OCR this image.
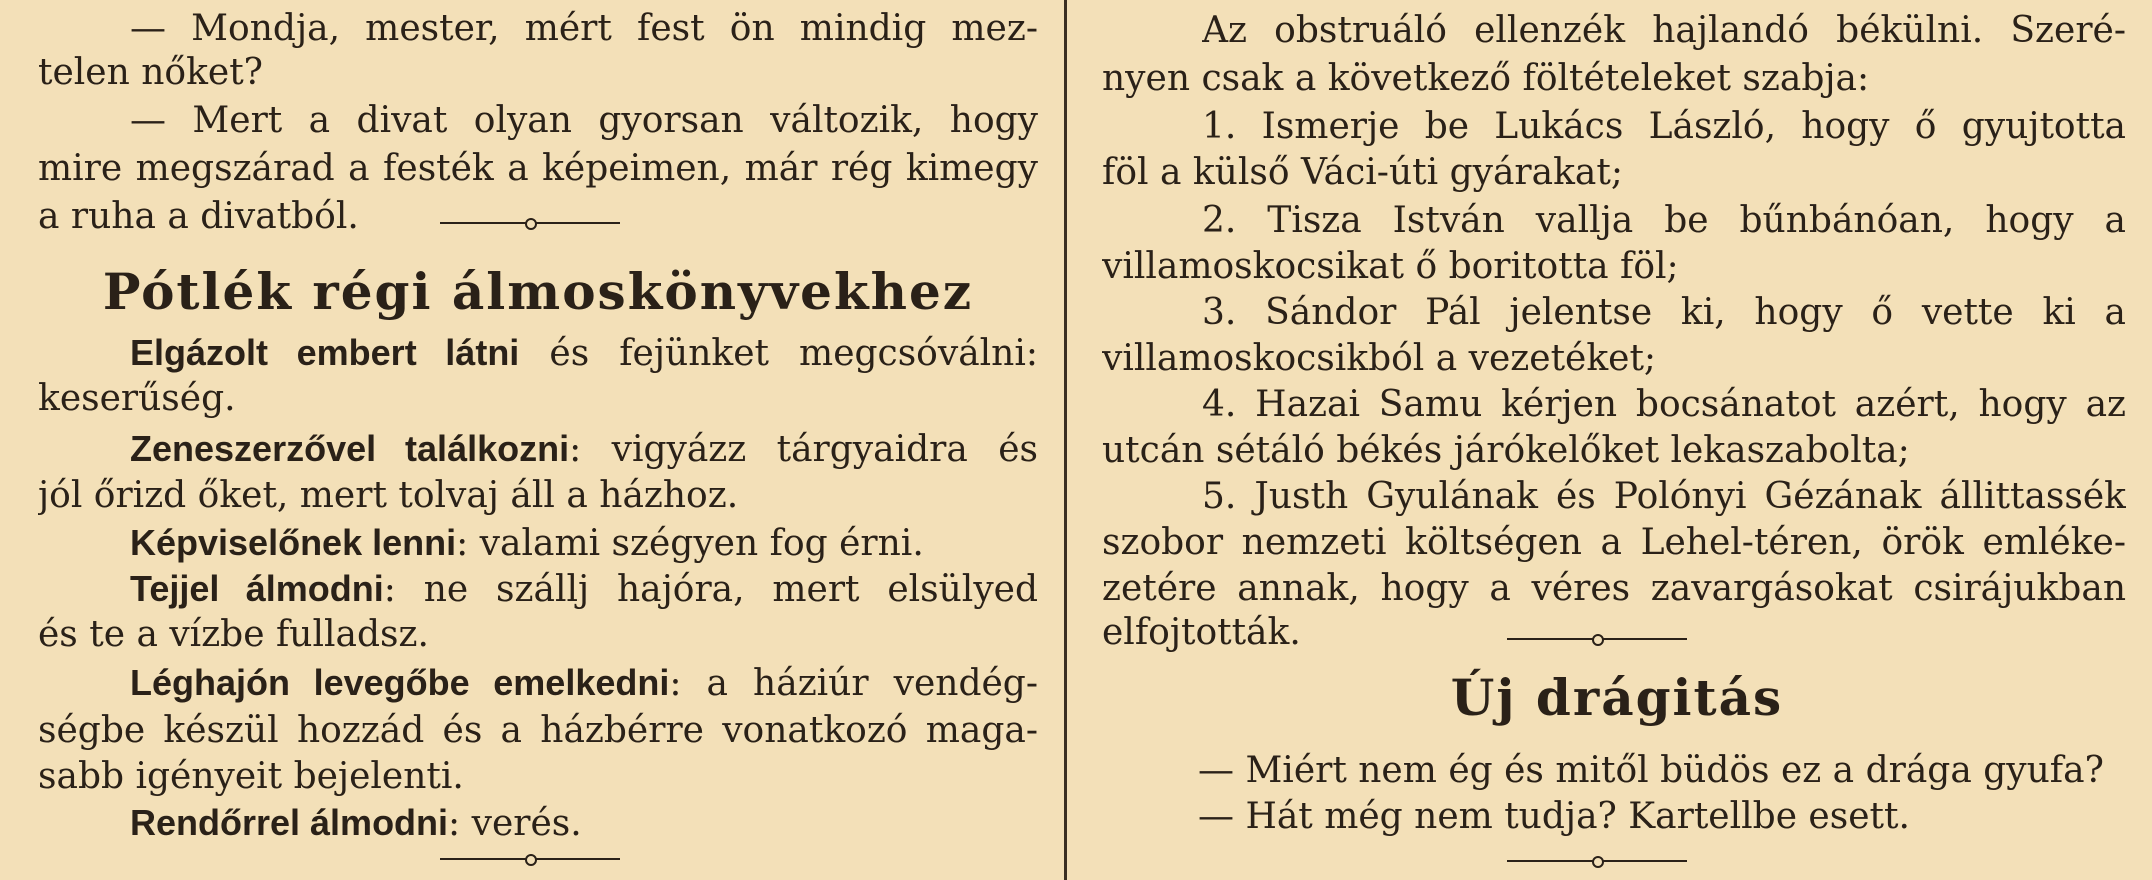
— Mondja, mester, mért fest ön mindig mez-
telen nőket?
— Mert a divat olyan gyorsan változik, hogy
mire megszárad a festék a képeimen, már rég kimegy
a ruha a divatból.
Pótlék régi álmoskönyvekhez
Elgázolt embert látni és fejünket megcsóválni:
keserűség.
Zeneszerzővel találkozni: vigyázz tárgyaidra és
jól őrizd őket, mert tolvaj áll a házhoz.
Képviselőnek lenni: valami szégyen fog érni.
Tejjel álmodni: ne szállj hajóra, mert elsülyed
és te a vízbe fulladsz.
Léghajón levegőbe emelkedni: a háziúr vendég-
ségbe készül hozzád és a házbérre vonatkozó maga-
sabb igényeit bejelenti.
Rendőrrel álmodni: verés.
Az obstruáló ellenzék hajlandó békülni. Szeré-
nyen csak a következő föltételeket szabja:
1. Ismerje be Lukács László, hogy ő gyujtotta
föl a külső Váci-úti gyárakat;
2. Tisza István vallja be bűnbánóan, hogy a
villamoskocsikat ő boritotta föl;
3. Sándor Pál jelentse ki, hogy ő vette ki a
villamoskocsikból a vezetéket;
4. Hazai Samu kérjen bocsánatot azért, hogy az
utcán sétáló békés járókelőket lekaszabolta;
5. Justh Gyulának és Polónyi Gézának állittassék
szobor nemzeti költségen a Lehel-téren, örök emléke-
zetére annak, hogy a véres zavargásokat csirájukban
elfojtották.
Új drágitás
— Miért nem ég és mitől büdös ez a drága gyufa?
— Hát még nem tudja? Kartellbe esett.
